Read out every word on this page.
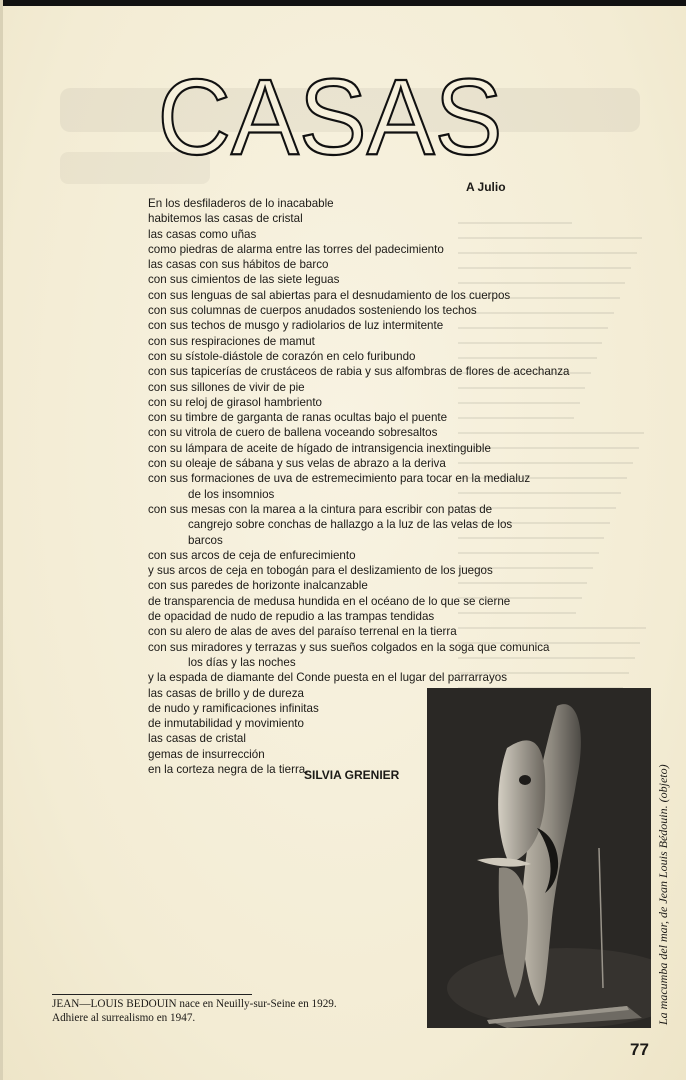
CASAS
A Julio
En los desfiladeros de lo inacabable
habitemos las casas de cristal
las casas como uñas
como piedras de alarma entre las torres del padecimiento
las casas con sus hábitos de barco
con sus cimientos de las siete leguas
con sus lenguas de sal abiertas para el desnudamiento de los cuerpos
con sus columnas de cuerpos anudados sosteniendo los techos
con sus techos de musgo y radiolarios de luz intermitente
con sus respiraciones de mamut
con su sístole-diástole de corazón en celo furibundo
con sus tapicerías de crustáceos de rabia y sus alfombras de flores de acechanza
con sus sillones de vivir de pie
con su reloj de girasol hambriento
con su timbre de garganta de ranas ocultas bajo el puente
con su vitrola de cuero de ballena voceando sobresaltos
con su lámpara de aceite de hígado de intransigencia inextinguible
con su oleaje de sábana y sus velas de abrazo a la deriva
con sus formaciones de uva de estremecimiento para tocar en la medialuz
de los insomnios
con sus mesas con la marea a la cintura para escribir con patas de
cangrejo sobre conchas de hallazgo a la luz de las velas de los
barcos
con sus arcos de ceja de enfurecimiento
y sus arcos de ceja en tobogán para el deslizamiento de los juegos
con sus paredes de horizonte inalcanzable
de transparencia de medusa hundida en el océano de lo que se cierne
de opacidad de nudo de repudio a las trampas tendidas
con su alero de alas de aves del paraíso terrenal en la tierra
con sus miradores y terrazas y sus sueños colgados en la soga que comunica
los días y las noches
y la espada de diamante del Conde puesta en el lugar del parrarrayos
las casas de brillo y de dureza
de nudo y ramificaciones infinitas
de inmutabilidad y movimiento
las casas de cristal
gemas de insurrección
en la corteza negra de la tierra.
SILVIA GRENIER	La macumba del mar, de Jean Louis Bédouin. (objeto)
JEAN—LOUIS BEDOUIN nace en Neuilly-sur-Seine en 1929.
Adhiere al surrealismo en 1947.
77
